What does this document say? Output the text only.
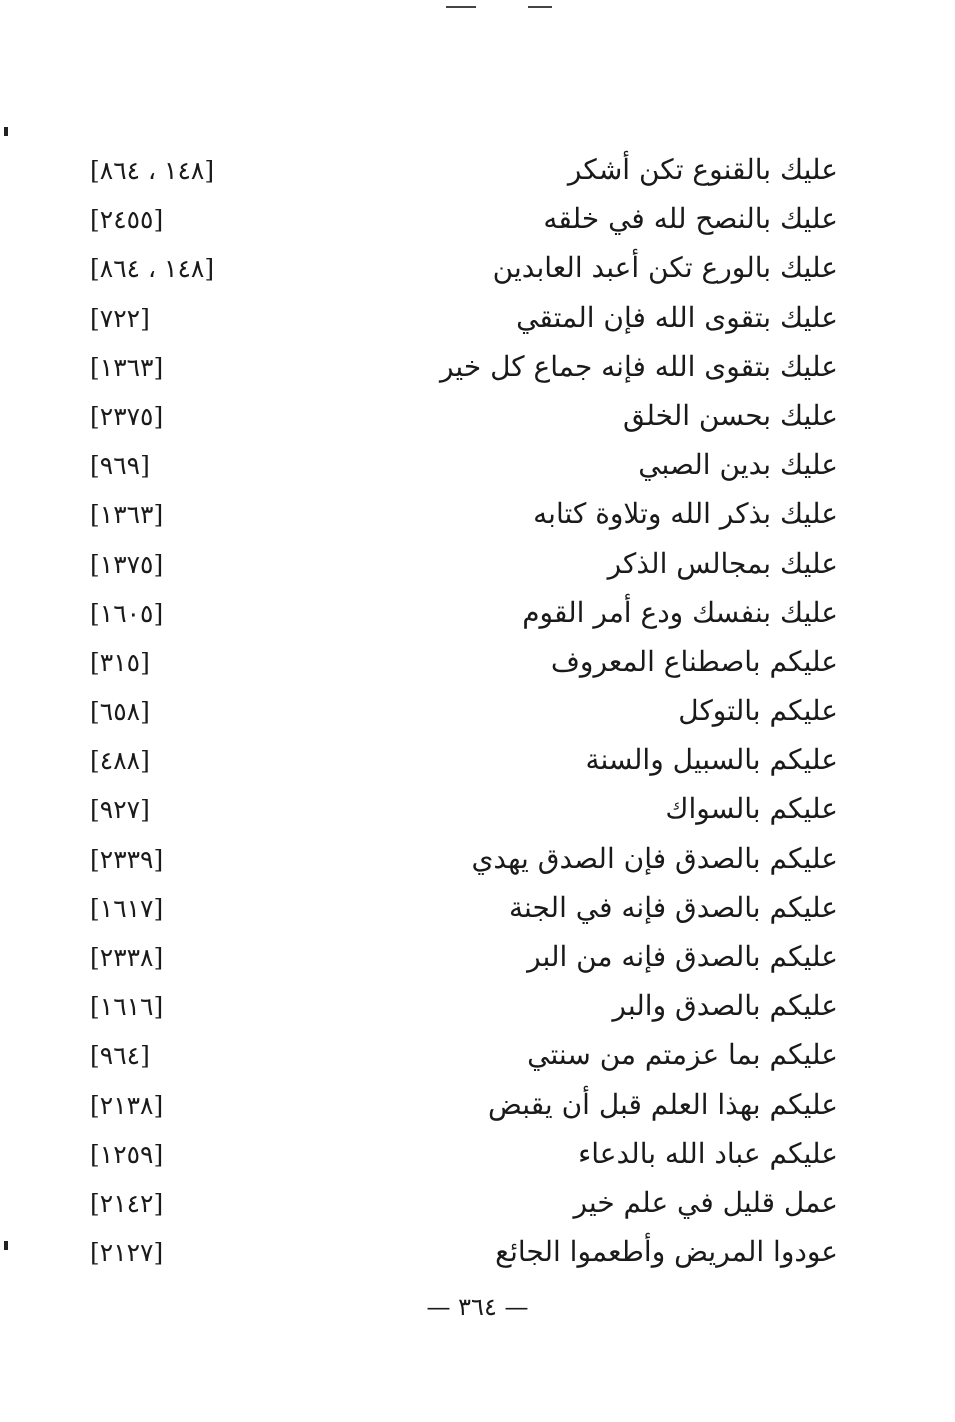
عليك بالقنوع تكن أشكر
[١٤٨ ، ٨٦٤]
عليك بالنصح لله في خلقه
[٢٤٥٥]
عليك بالورع تكن أعبد العابدين
[١٤٨ ، ٨٦٤]
عليك بتقوى الله فإن المتقي
[٧٢٢]
عليك بتقوى الله فإنه جماع كل خير
[١٣٦٣]
عليك بحسن الخلق
[٢٣٧٥]
عليك بدين الصبي
[٩٦٩]
عليك بذكر الله وتلاوة كتابه
[١٣٦٣]
عليك بمجالس الذكر
[١٣٧٥]
عليك بنفسك ودع أمر القوم
[١٦٠٥]
عليكم باصطناع المعروف
[٣١٥]
عليكم بالتوكل
[٦٥٨]
عليكم بالسبيل والسنة
[٤٨٨]
عليكم بالسواك
[٩٢٧]
عليكم بالصدق فإن الصدق يهدي
[٢٣٣٩]
عليكم بالصدق فإنه في الجنة
[١٦١٧]
عليكم بالصدق فإنه من البر
[٢٣٣٨]
عليكم بالصدق والبر
[١٦١٦]
عليكم بما عزمتم من سنتي
[٩٦٤]
عليكم بهذا العلم قبل أن يقبض
[٢١٣٨]
عليكم عباد الله بالدعاء
[١٢٥٩]
عمل قليل في علم خير
[٢١٤٢]
عودوا المريض وأطعموا الجائع
[٢١٢٧]
— ٣٦٤ —
